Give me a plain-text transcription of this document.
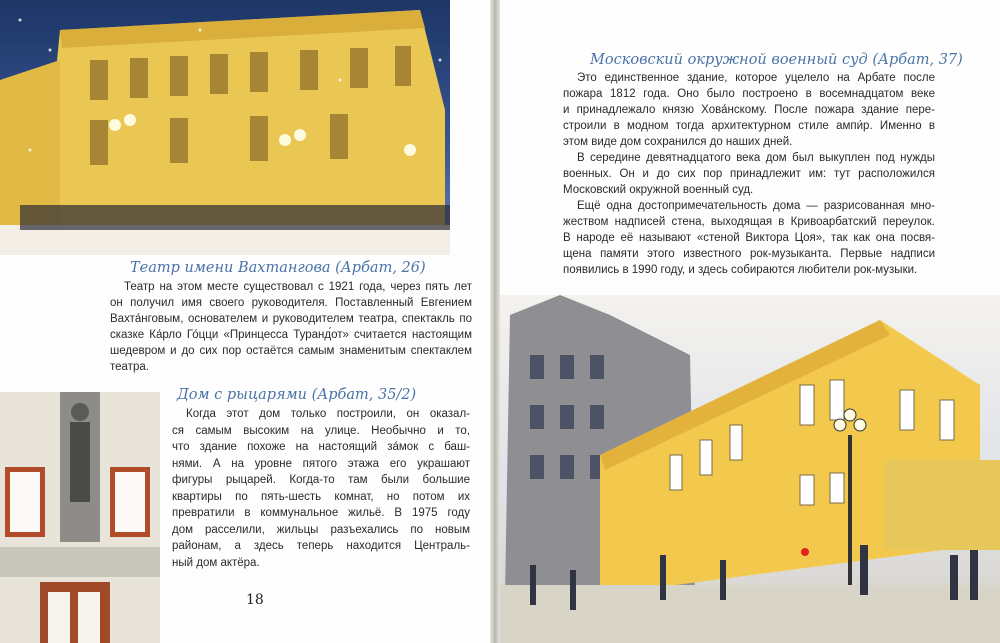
Театр имени Вахтангова (Арбат, 26)
Театр на этом месте существовал с 1921 года, через пять лет
он получил имя своего руководителя. Поставленный Евгением
Вахта́нговым, основателем и руководителем театра, спектакль по
сказке Ка́рло Го́цци «Принцесса Туранд́от» считается настоящим
шедевром и до сих пор остаётся самым знаменитым спектаклем
театра.
Дом с рыцарями (Арбат, 35/2)
Когда этот дом только построили, он оказал-
ся самым высоким на улице. Необычно и то,
что здание похоже на настоящий за́мок с баш-
нями. А на уровне пятого этажа его украшают
фигуры рыцарей. Когда-то там были большие
квартиры по пять-шесть комнат, но потом их
превратили в коммунальное жильё. В 1975 году
дом расселили, жильцы разъехались по новым
районам, а здесь теперь находится Централь-
ный дом актёра.
18
Московский окружной военный суд (Арбат, 37)
Это единственное здание, которое уцелело на Арбате после
пожара 1812 года. Оно было построено в восемнадцатом веке
и принадлежало князю Хова́нскому. После пожара здание пере-
строили в модном тогда архитектурном стиле ампи́р. Именно в
этом виде дом сохранился до наших дней.
В середине девятнадцатого века дом был выкуплен под нужды
военных. Он и до сих пор принадлежит им: тут расположился
Московский окружной военный суд.
Ещё одна достопримечательность дома — разрисованная мно-
жеством надписей стена, выходящая в Кривоарбатский переулок.
В народе её называют «стеной Виктора Цоя», так как она посвя-
щена памяти этого известного рок-музыканта. Первые надписи
появились в 1990 году, и здесь собираются любители рок-музыки.
